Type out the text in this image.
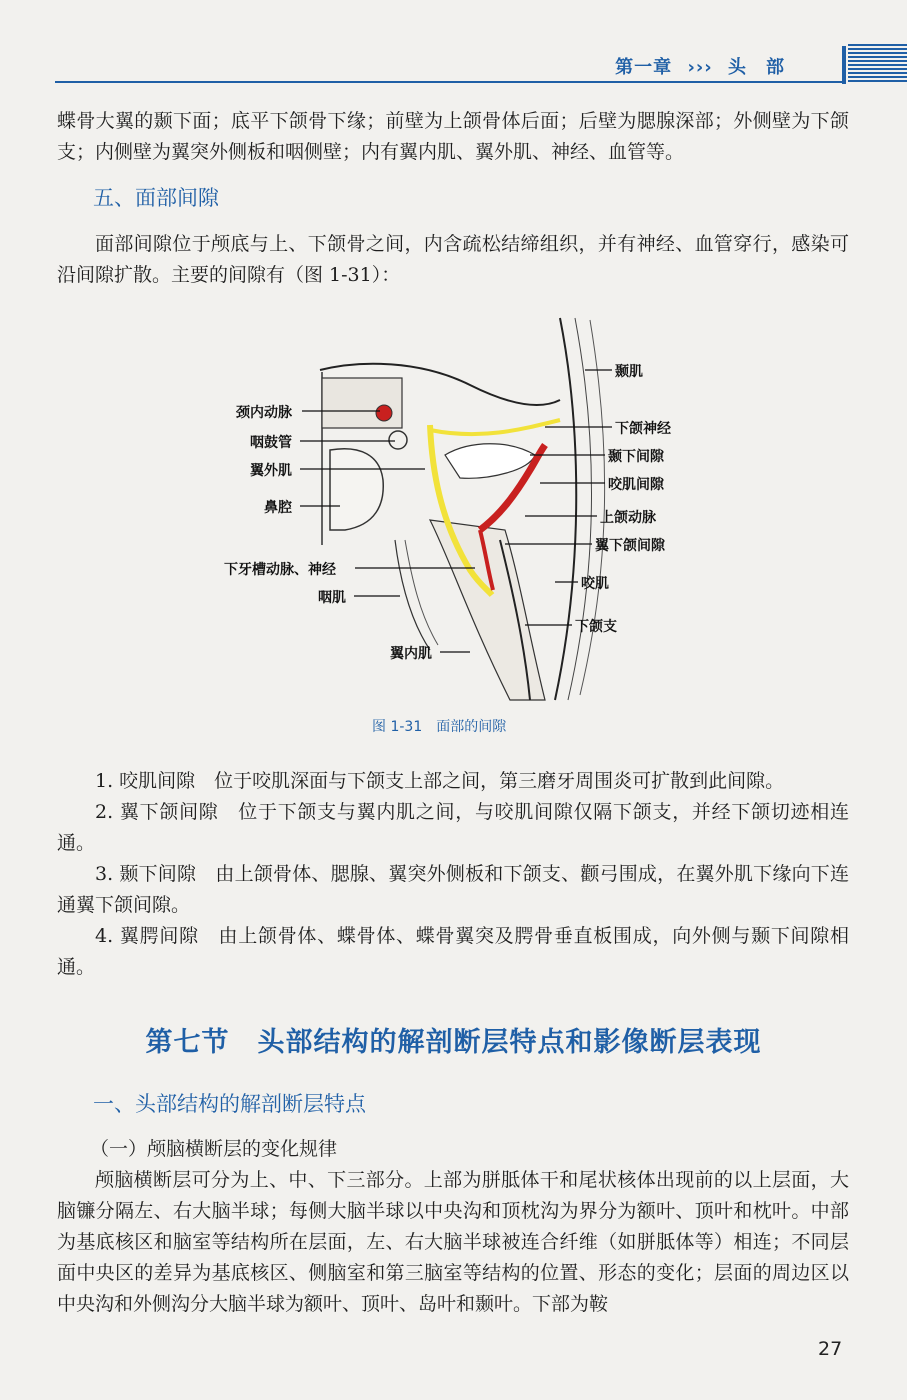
第一章 ››› 头　部
蝶骨大翼的颞下面；底平下颌骨下缘；前壁为上颌骨体后面；后壁为腮腺深部；外侧壁为下颌支；内侧壁为翼突外侧板和咽侧壁；内有翼内肌、翼外肌、神经、血管等。
五、面部间隙
面部间隙位于颅底与上、下颌骨之间，内含疏松结缔组织，并有神经、血管穿行，感染可沿间隙扩散。主要的间隙有（图 1-31）：
颈内动脉
咽鼓管
翼外肌
鼻腔
下牙槽动脉、神经
咽肌
翼内肌
颞肌
下颌神经
颞下间隙
咬肌间隙
上颌动脉
翼下颌间隙
咬肌
下颌支
图 1-31　面部的间隙
1. 咬肌间隙　位于咬肌深面与下颌支上部之间，第三磨牙周围炎可扩散到此间隙。
2. 翼下颌间隙　位于下颌支与翼内肌之间，与咬肌间隙仅隔下颌支，并经下颌切迹相连通。
3. 颞下间隙　由上颌骨体、腮腺、翼突外侧板和下颌支、颧弓围成，在翼外肌下缘向下连通翼下颌间隙。
4. 翼腭间隙　由上颌骨体、蝶骨体、蝶骨翼突及腭骨垂直板围成，向外侧与颞下间隙相通。
第七节　头部结构的解剖断层特点和影像断层表现
一、头部结构的解剖断层特点
（一）颅脑横断层的变化规律
颅脑横断层可分为上、中、下三部分。上部为胼胝体干和尾状核体出现前的以上层面，大脑镰分隔左、右大脑半球；每侧大脑半球以中央沟和顶枕沟为界分为额叶、顶叶和枕叶。中部为基底核区和脑室等结构所在层面，左、右大脑半球被连合纤维（如胼胝体等）相连；不同层面中央区的差异为基底核区、侧脑室和第三脑室等结构的位置、形态的变化；层面的周边区以中央沟和外侧沟分大脑半球为额叶、顶叶、岛叶和颞叶。下部为鞍
27
